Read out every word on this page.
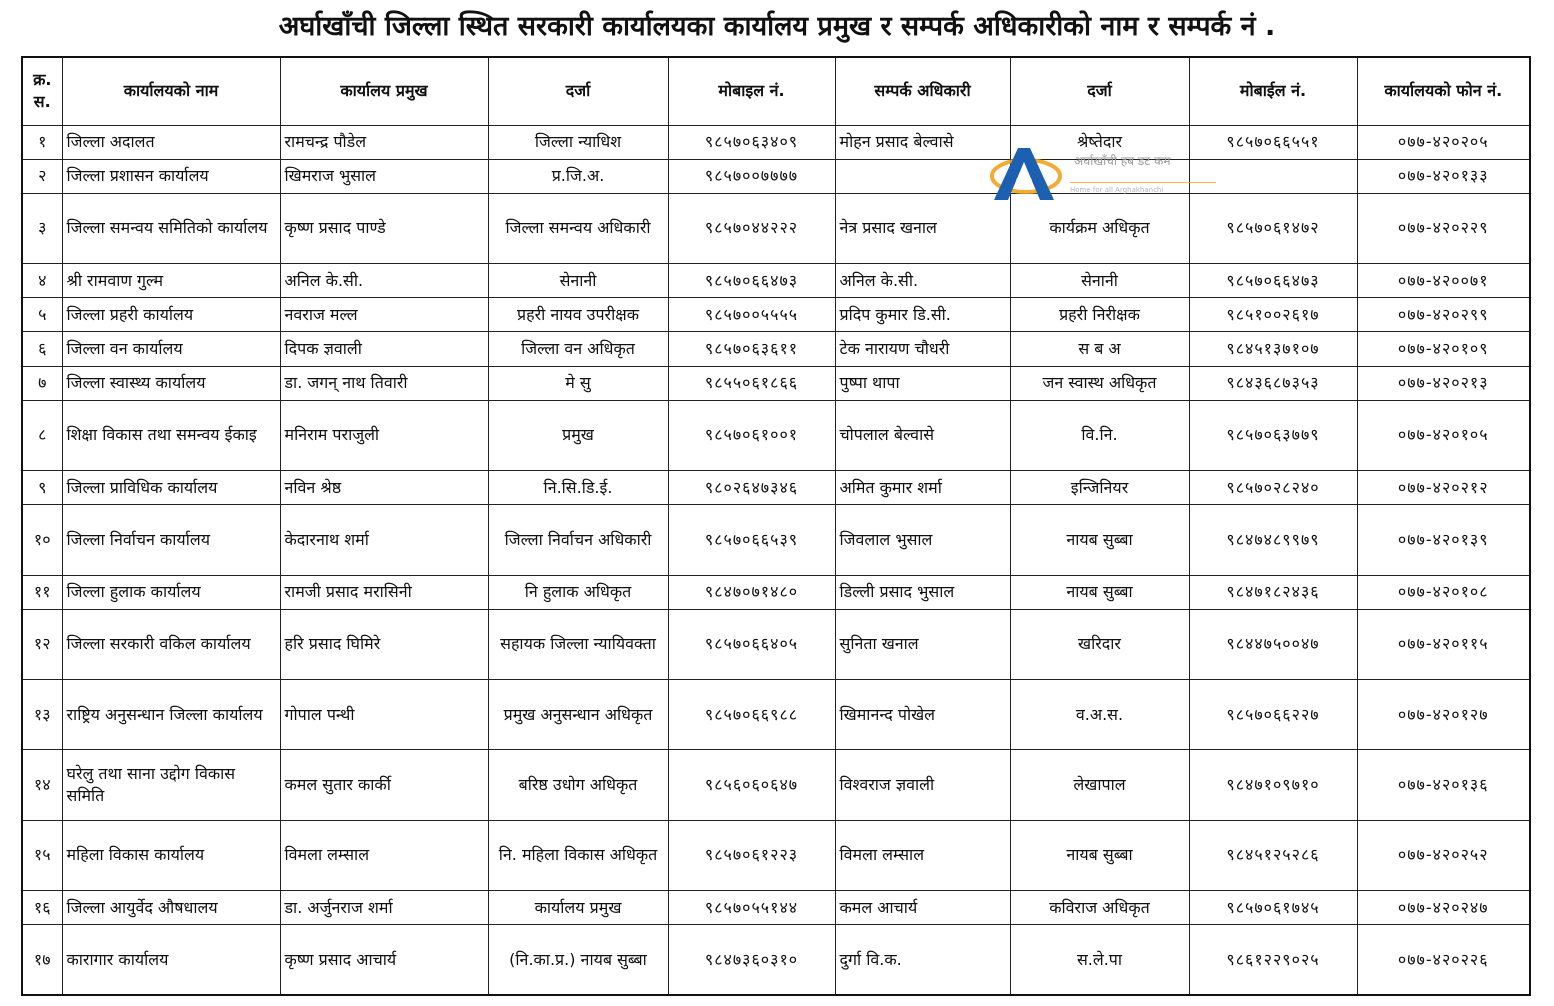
अर्घाखाँची जिल्ला स्थित सरकारी कार्यालयका कार्यालय प्रमुख र सम्पर्क अधिकारीको नाम र सम्पर्क नं .
क्र.
स.	कार्यालयको नाम	कार्यालय प्रमुख	दर्जा	मोबाइल नं.	सम्पर्क अधिकारी	दर्जा	मोबाईल नं.	कार्यालयको फोन नं.
१	जिल्ला अदालत	रामचन्द्र पौडेल	जिल्ला न्याधिश	९८५७०६३४०९	मोहन प्रसाद बेल्वासे	श्रेष्तेदार	९८५७०६६५५१	०७७-४२०२०५
२	जिल्ला प्रशासन कार्यालय	खिमराज भुसाल	प्र.जि.अ.	९८५७००७७७७				०७७-४२०१३३
३	जिल्ला समन्वय समितिको कार्यालय	कृष्ण प्रसाद पाण्डे	जिल्ला समन्वय अधिकारी	९८५७०४४२२२	नेत्र प्रसाद खनाल	कार्यक्रम अधिकृत	९८५७०६१४७२	०७७-४२०२२९
४	श्री रामवाण गुल्म	अनिल के.सी.	सेनानी	९८५७०६६४७३	अनिल के.सी.	सेनानी	९८५७०६६४७३	०७७-४२००७१
५	जिल्ला प्रहरी कार्यालय	नवराज मल्ल	प्रहरी नायव उपरीक्षक	९८५७००५५५५	प्रदिप कुमार डि.सी.	प्रहरी निरीक्षक	९८५१००२६१७	०७७-४२०२९९
६	जिल्ला वन कार्यालय	दिपक ज्ञवाली	जिल्ला वन अधिकृत	९८५७०६३६११	टेक नारायण चौधरी	स ब अ	९८४५१३७१०७	०७७-४२०१०९
७	जिल्ला स्वास्थ्य कार्यालय	डा. जगन् नाथ तिवारी	मे सु	९८५५०६१८६६	पुष्पा थापा	जन स्वास्थ अधिकृत	९८४३६८७३५३	०७७-४२०२१३
८	शिक्षा विकास तथा समन्वय ईकाइ	मनिराम पराजुली	प्रमुख	९८५७०६१००१	चोपलाल बेल्वासे	वि.नि.	९८५७०६३७७९	०७७-४२०१०५
९	जिल्ला प्राविधिक कार्यालय	नविन श्रेष्ठ	नि.सि.डि.ई.	९८०२६४७३४६	अमित कुमार शर्मा	इन्जिनियर	९८५७०२८२४०	०७७-४२०२१२
१०	जिल्ला निर्वाचन कार्यालय	केदारनाथ शर्मा	जिल्ला निर्वाचन अधिकारी	९८५७०६६५३९	जिवलाल भुसाल	नायब सुब्बा	९८४७४८९९७९	०७७-४२०१३९
११	जिल्ला हुलाक कार्यालय	रामजी प्रसाद मरासिनी	नि हुलाक अधिकृत	९८४७०७१४८०	डिल्ली प्रसाद भुसाल	नायब सुब्बा	९८४७१८२४३६	०७७-४२०१०८
१२	जिल्ला सरकारी वकिल कार्यालय	हरि प्रसाद घिमिरे	सहायक जिल्ला न्यायिवक्ता	९८५७०६६४०५	सुनिता खनाल	खरिदार	९८४४७५००४७	०७७-४२०११५
१३	राष्ट्रिय अनुसन्धान जिल्ला कार्यालय	गोपाल पन्थी	प्रमुख अनुसन्धान अधिकृत	९८५७०६६९८८	खिमानन्द पोखेल	व.अ.स.	९८५७०६६२२७	०७७-४२०१२७
१४	घरेलु तथा साना उद्दोग विकास समिति	कमल सुतार कार्की	बरिष्ठ उधोग अधिकृत	९८५६०६०६४७	विश्वराज ज्ञवाली	लेखापाल	९८४७१०९७१०	०७७-४२०१३६
१५	महिला विकास कार्यालय	विमला लम्साल	नि. महिला विकास अधिकृत	९८५७०६१२२३	विमला लम्साल	नायब सुब्बा	९८४५१२५२८६	०७७-४२०२५२
१६	जिल्ला आयुर्वेद औषधालय	डा. अर्जुनराज शर्मा	कार्यालय प्रमुख	९८५७०५५१४४	कमल आचार्य	कविराज अधिकृत	९८५७०६१७४५	०७७-४२०२४७
१७	कारागार कार्यालय	कृष्ण प्रसाद आचार्य	(नि.का.प्र.) नायब सुब्बा	९८४७३६०३१०	दुर्गा वि.क.	स.ले.पा	९८६१२२९०२५	०७७-४२०२२६
अर्घाखाँची हब डट कम
Home for all Arghakhanchi
